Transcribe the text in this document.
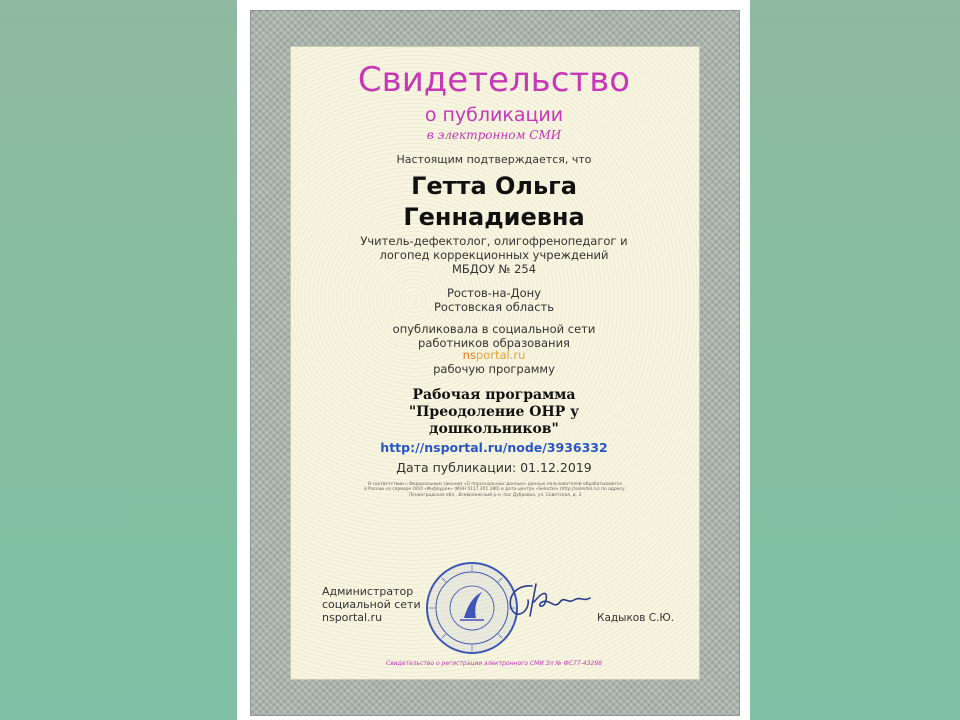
Свидетельство

о публикации

в электронном СМИ

Настоящим подтверждается, что

Гетта Ольга

Геннадиевна

Учитель-дефектолог, олигофренопедагог и
логопед коррекционных учреждений
МБДОУ № 254
Ростов-на-Дону
Ростовская область
опубликовала в социальной сети
работников образования

nsportal.ru

рабочую программу

Рабочая программа
"Преодоление ОНР у
дошкольников"

http://nsportal.ru/node/3936332

Дата публикации: 01.12.2019

В соответствии с Федеральным законом «О персональных данных» данные пользователей обрабатываются
в России на сервере ООО «Инфоурок» (ИНН 5117 201 280) в дата-центре «Selectel» (http://selectel.ru) по адресу:
Ленинградская обл., Всеволожский р-н, пос Дубровка, ул. Советская, д. 3
Администратор
социальной сети
nsportal.ru	Кадыков С.Ю.

Свидетельство о регистрации электронного СМИ Эл № ФС77-43298
